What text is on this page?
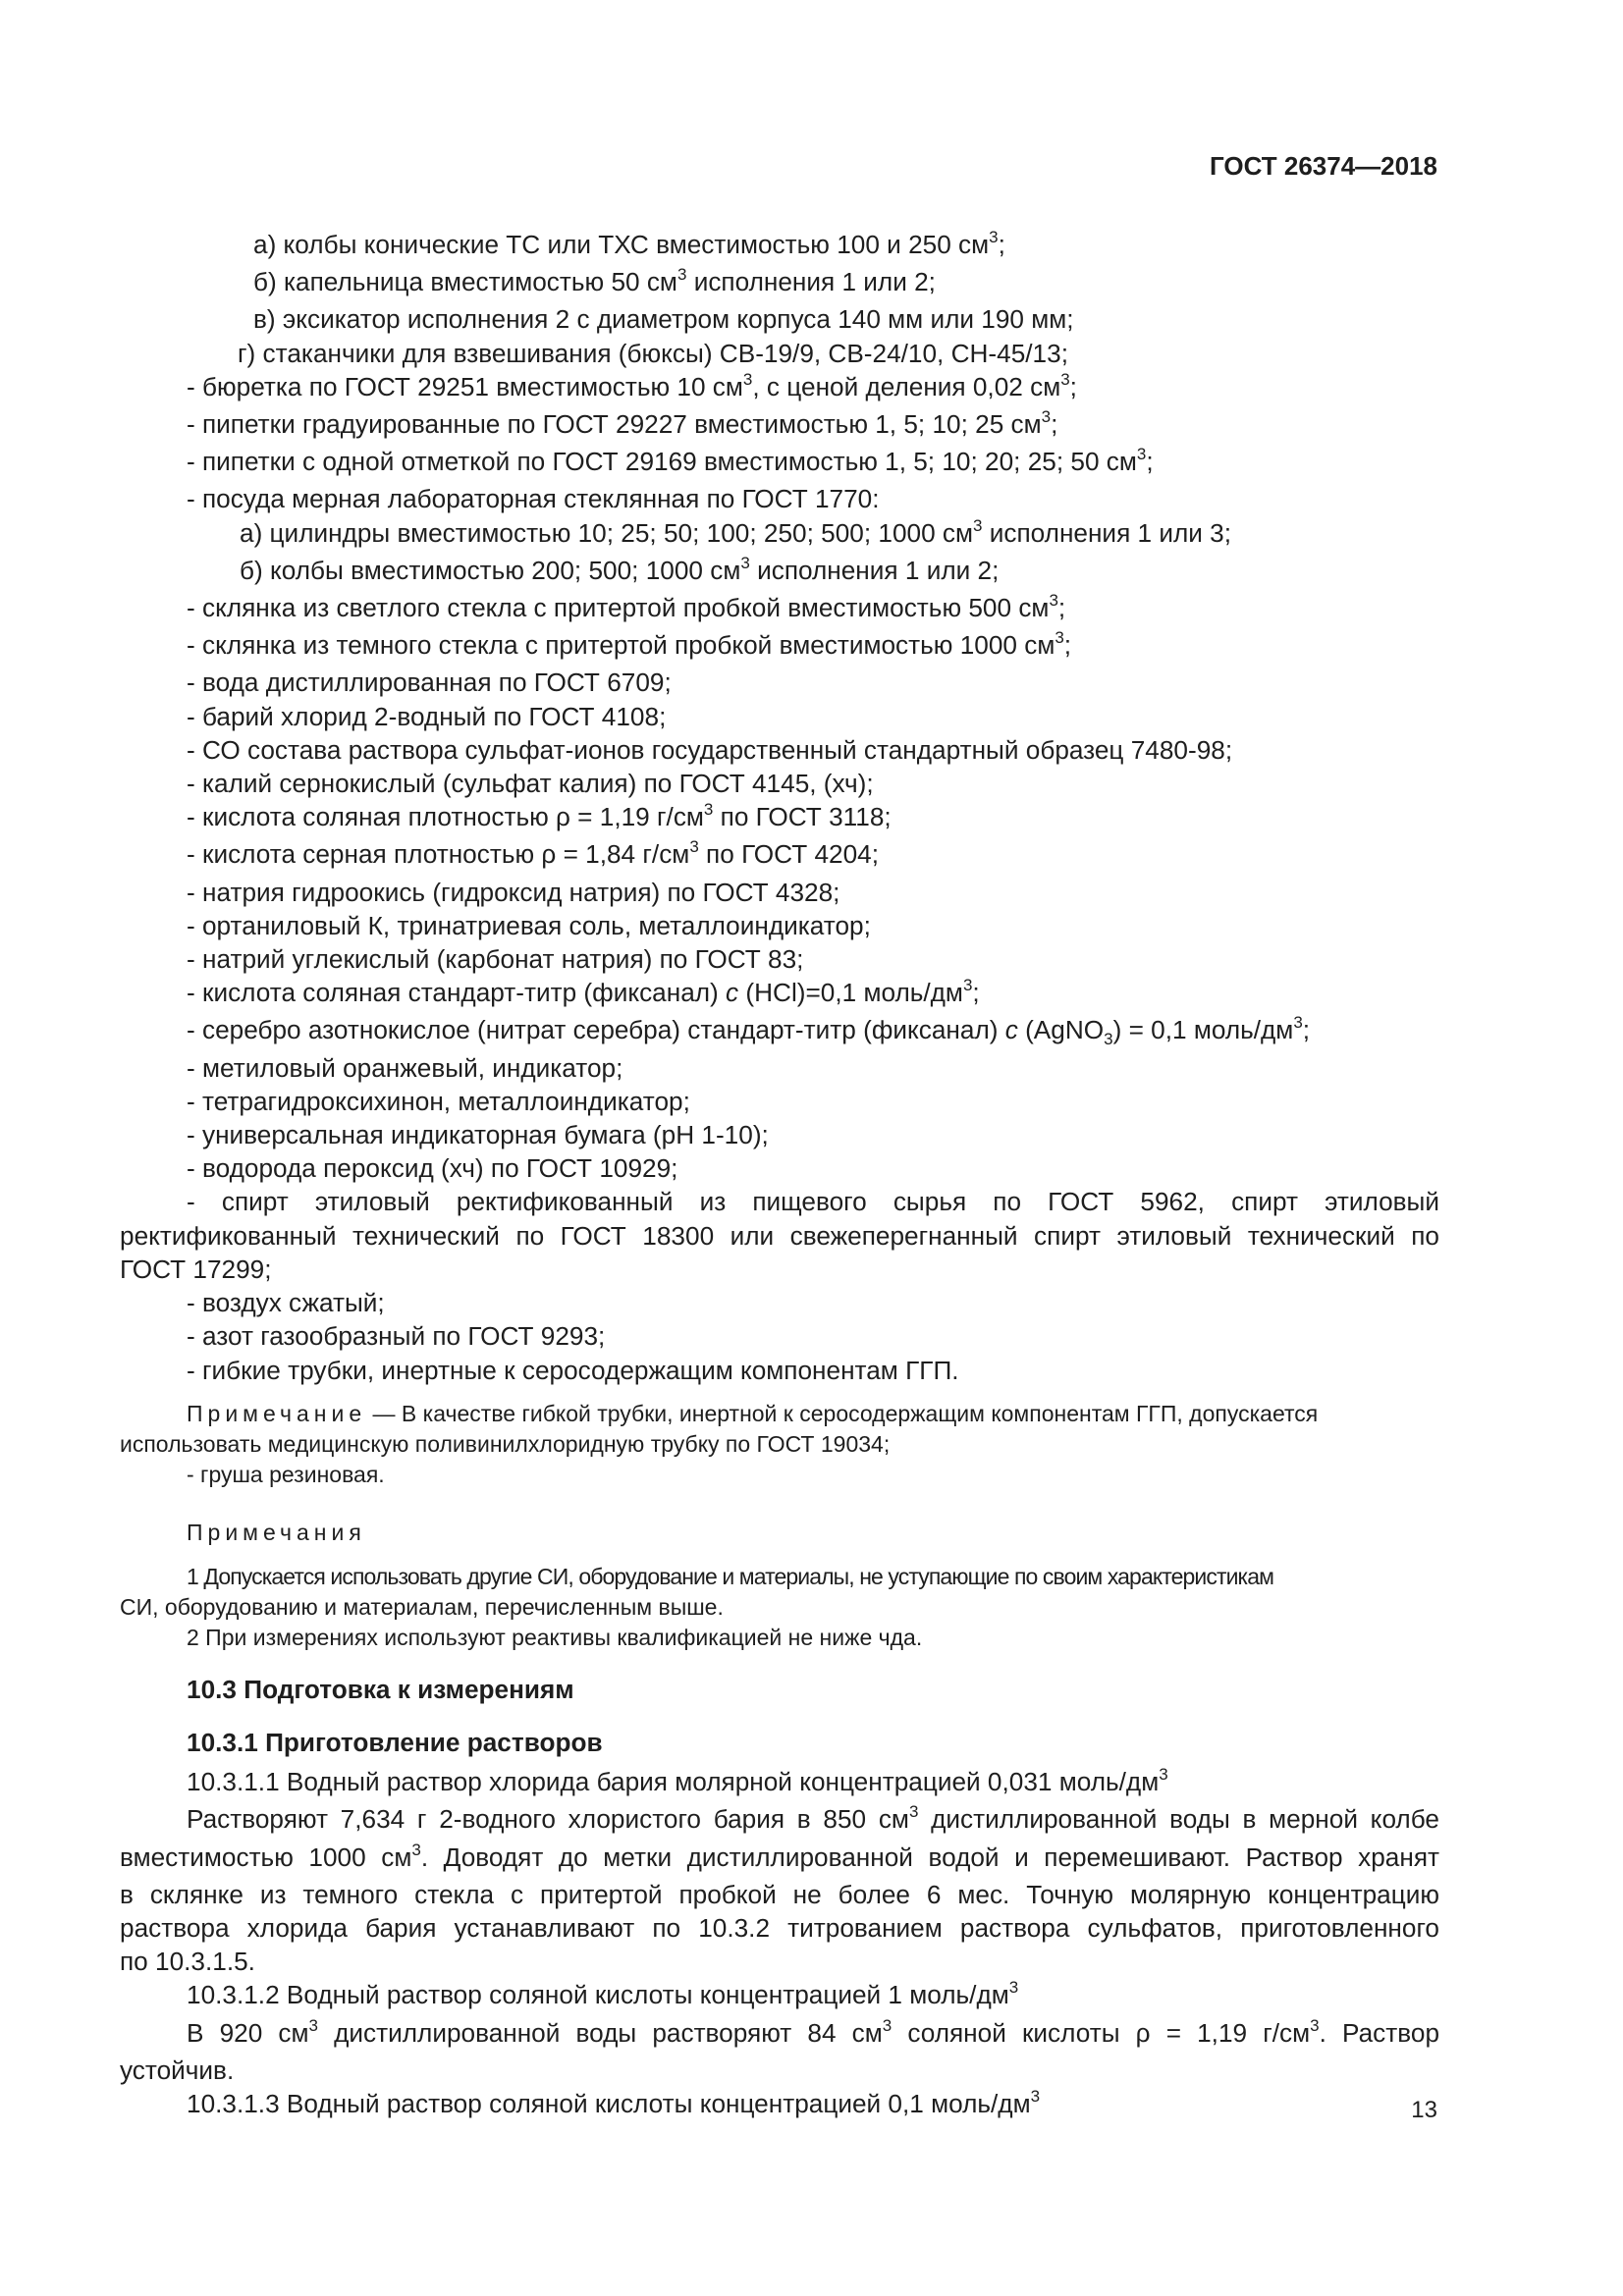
ГОСТ 26374—2018
а) колбы конические ТС или ТХС вместимостью 100 и 250 $см^3$;
б) капельница вместимостью 50 $см^3$ исполнения 1 или 2;
в) эксикатор исполнения 2 с диаметром корпуса 140 мм или 190 мм;
г) стаканчики для взвешивания (бюксы) СВ-19/9, СВ-24/10, СН-45/13;
- бюретка по ГОСТ 29251 вместимостью 10 $см^3$, с ценой деления 0,02 $см^3$;
- пипетки градуированные по ГОСТ 29227 вместимостью 1, 5; 10; 25 $см^3$;
- пипетки с одной отметкой по ГОСТ 29169 вместимостью 1, 5; 10; 20; 25; 50 $см^3$;
- посуда мерная лабораторная стеклянная по ГОСТ 1770:
а) цилиндры вместимостью 10; 25; 50; 100; 250; 500; 1000 $см^3$ исполнения 1 или 3;
б) колбы вместимостью 200; 500; 1000 $см^3$ исполнения 1 или 2;
- склянка из светлого стекла с притертой пробкой вместимостью 500 $см^3$;
- склянка из темного стекла с притертой пробкой вместимостью 1000 $см^3$;
- вода дистиллированная по ГОСТ 6709;
- барий хлорид 2-водный по ГОСТ 4108;
- СО состава раствора сульфат-ионов государственный стандартный образец 7480-98;
- калий сернокислый (сульфат калия) по ГОСТ 4145, (хч);
- кислота соляная плотностью ρ = 1,19 $г/см^3$ по ГОСТ 3118;
- кислота серная плотностью ρ = 1,84 $г/см^3$ по ГОСТ 4204;
- натрия гидроокись (гидроксид натрия) по ГОСТ 4328;
- ортаниловый К, тринатриевая соль, металлоиндикатор;
- натрий углекислый (карбонат натрия) по ГОСТ 83;
- кислота соляная стандарт-титр (фиксанал) c (HCl)=0,1 моль/$дм^3$;
- серебро азотнокислое (нитрат серебра) стандарт-титр (фиксанал) c (AgNO$_3$) = 0,1 моль/$дм^3$;
- метиловый оранжевый, индикатор;
- тетрагидроксихинон, металлоиндикатор;
- универсальная индикаторная бумага (pH 1-10);
- водорода пероксид (хч) по ГОСТ 10929;
- спирт этиловый ректификованный из пищевого сырья по ГОСТ 5962, спирт этиловый
ректификованный технический по ГОСТ 18300 или свежеперегнанный спирт этиловый технический по
ГОСТ 17299;
- воздух сжатый;
- азот газообразный по ГОСТ 9293;
- гибкие трубки, инертные к серосодержащим компонентам ГГП.
Примечание — В качестве гибкой трубки, инертной к серосодержащим компонентам ГГП, допускается
использовать медицинскую поливинилхлоридную трубку по ГОСТ 19034;
- груша резиновая.
Примечания
1 Допускается использовать другие СИ, оборудование и материалы, не уступающие по своим характеристикам
СИ, оборудованию и материалам, перечисленным выше.
2 При измерениях используют реактивы квалификацией не ниже чда.
10.3 Подготовка к измерениям
10.3.1 Приготовление растворов
10.3.1.1 Водный раствор хлорида бария молярной концентрацией 0,031 моль/$дм^3$
Растворяют 7,634 г 2-водного хлористого бария в 850 $см^3$ дистиллированной воды в мерной колбе
вместимостью 1000 $см^3$. Доводят до метки дистиллированной водой и перемешивают. Раствор хранят
в склянке из темного стекла с притертой пробкой не более 6 мес. Точную молярную концентрацию
раствора хлорида бария устанавливают по 10.3.2 титрованием раствора сульфатов, приготовленного
по 10.3.1.5.
10.3.1.2 Водный раствор соляной кислоты концентрацией 1 моль/$дм^3$
В 920 $см^3$ дистиллированной воды растворяют 84 $см^3$ соляной кислоты ρ = 1,19 $г/см^3$. Раствор
устойчив.
10.3.1.3 Водный раствор соляной кислоты концентрацией 0,1 моль/$дм^3$
13
